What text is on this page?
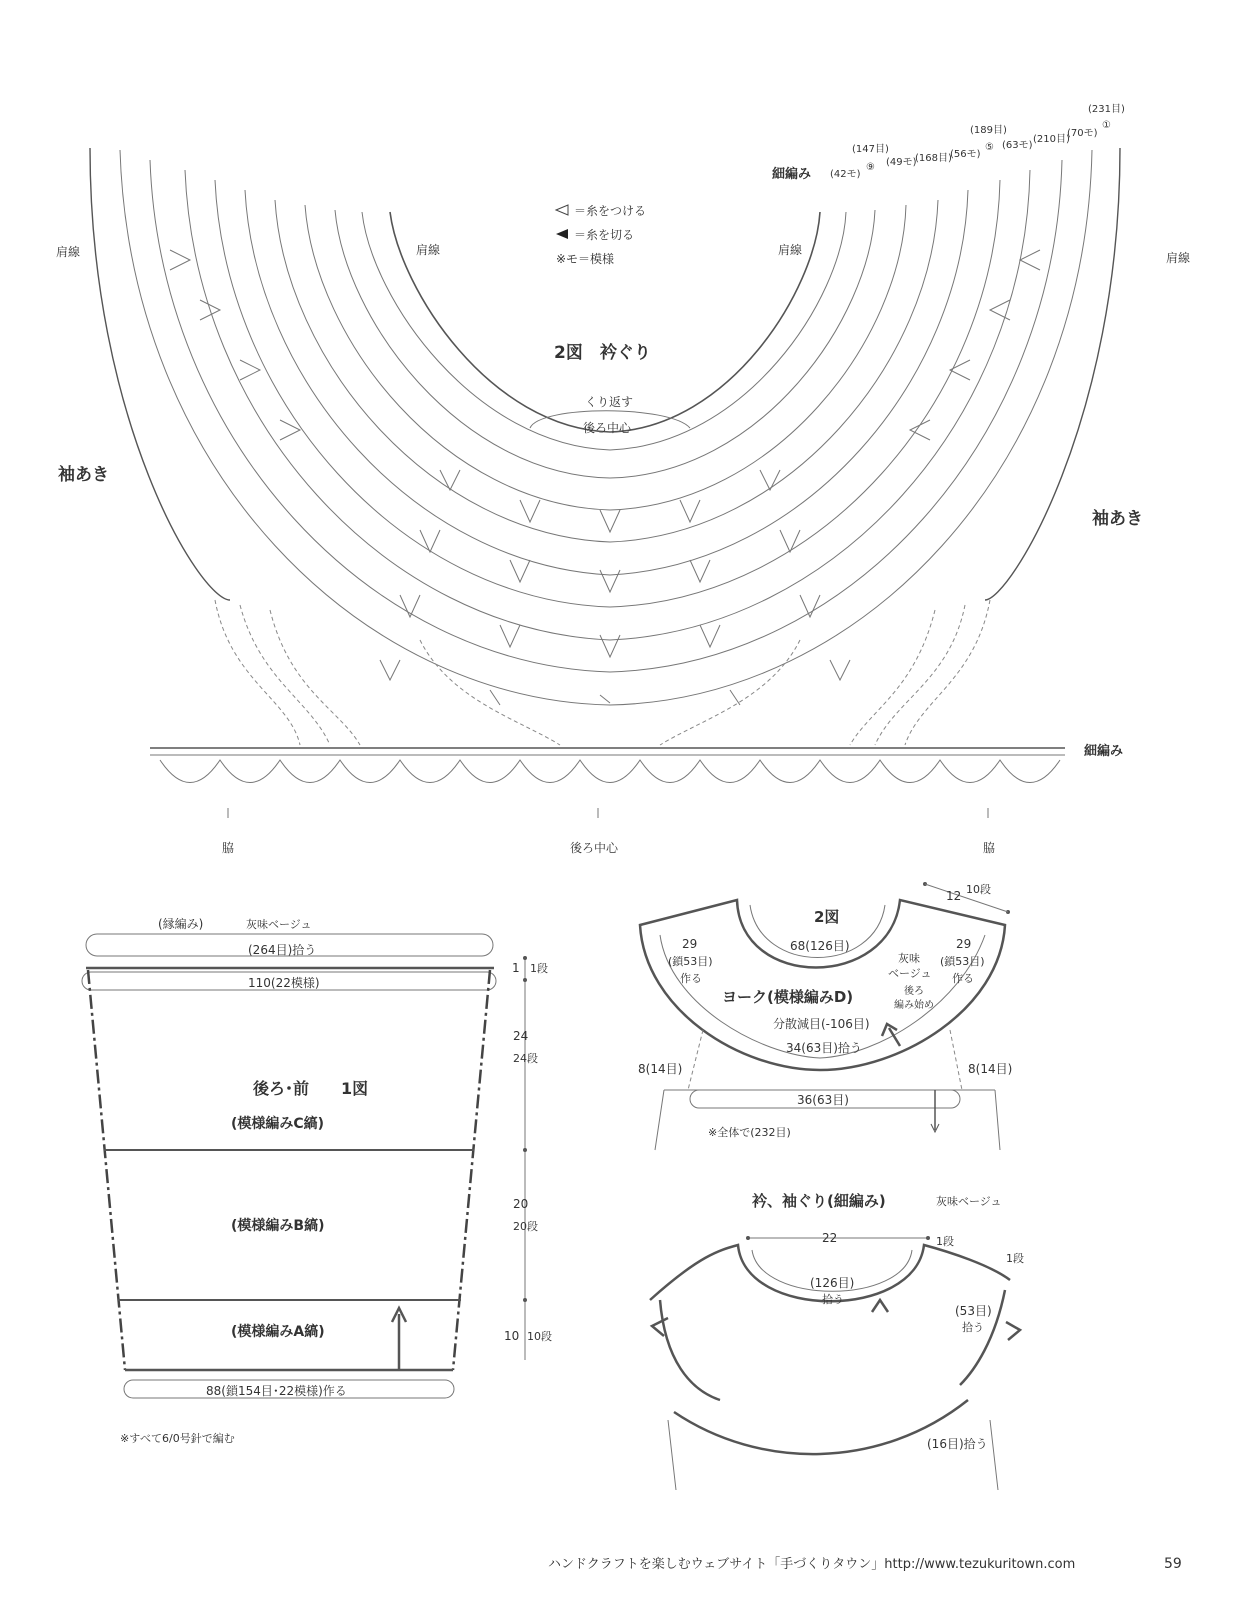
＝糸をつける
＝糸を切る
※モ＝模様
2図　衿ぐり
(231目)
①
(70モ)
(210目)
(63モ)
⑤
(189目)
(56モ)
(168目)
(49モ)
⑨
(147目)
(42モ)
細編み
肩線	肩線	肩線
肩線
袖あき
袖あき
くり返す
後ろ中心
細編み
脇	後ろ中心	脇
(縁編み)	灰味ベージュ
(264目)拾う
110(22模様)
後ろ･前　　1図
(模様編みC縞)
(模様編みB縞)
(模様編みA縞)
88(鎖154目･22模様)作る
1 1段
24
24段
20
20段
10 10段
※すべて6/0号針で編む
2図
68(126目)
29
(鎖53目)
作る
29
(鎖53目)
作る
灰味
ベージュ
ヨーク(模様編みD)	後ろ
編み始め
分散減目(-106目)
34(63目)拾う
12 10段
8(14目)	8(14目)
36(63目)
※全体で(232目)
衿、袖ぐり(細編み)	灰味ベージュ
22	1段
1段
(126目)
拾う
(53目)
拾う
(16目)拾う
ハンドクラフトを楽しむウェブサイト「手づくりタウン」http://www.tezukuritown.com	59
